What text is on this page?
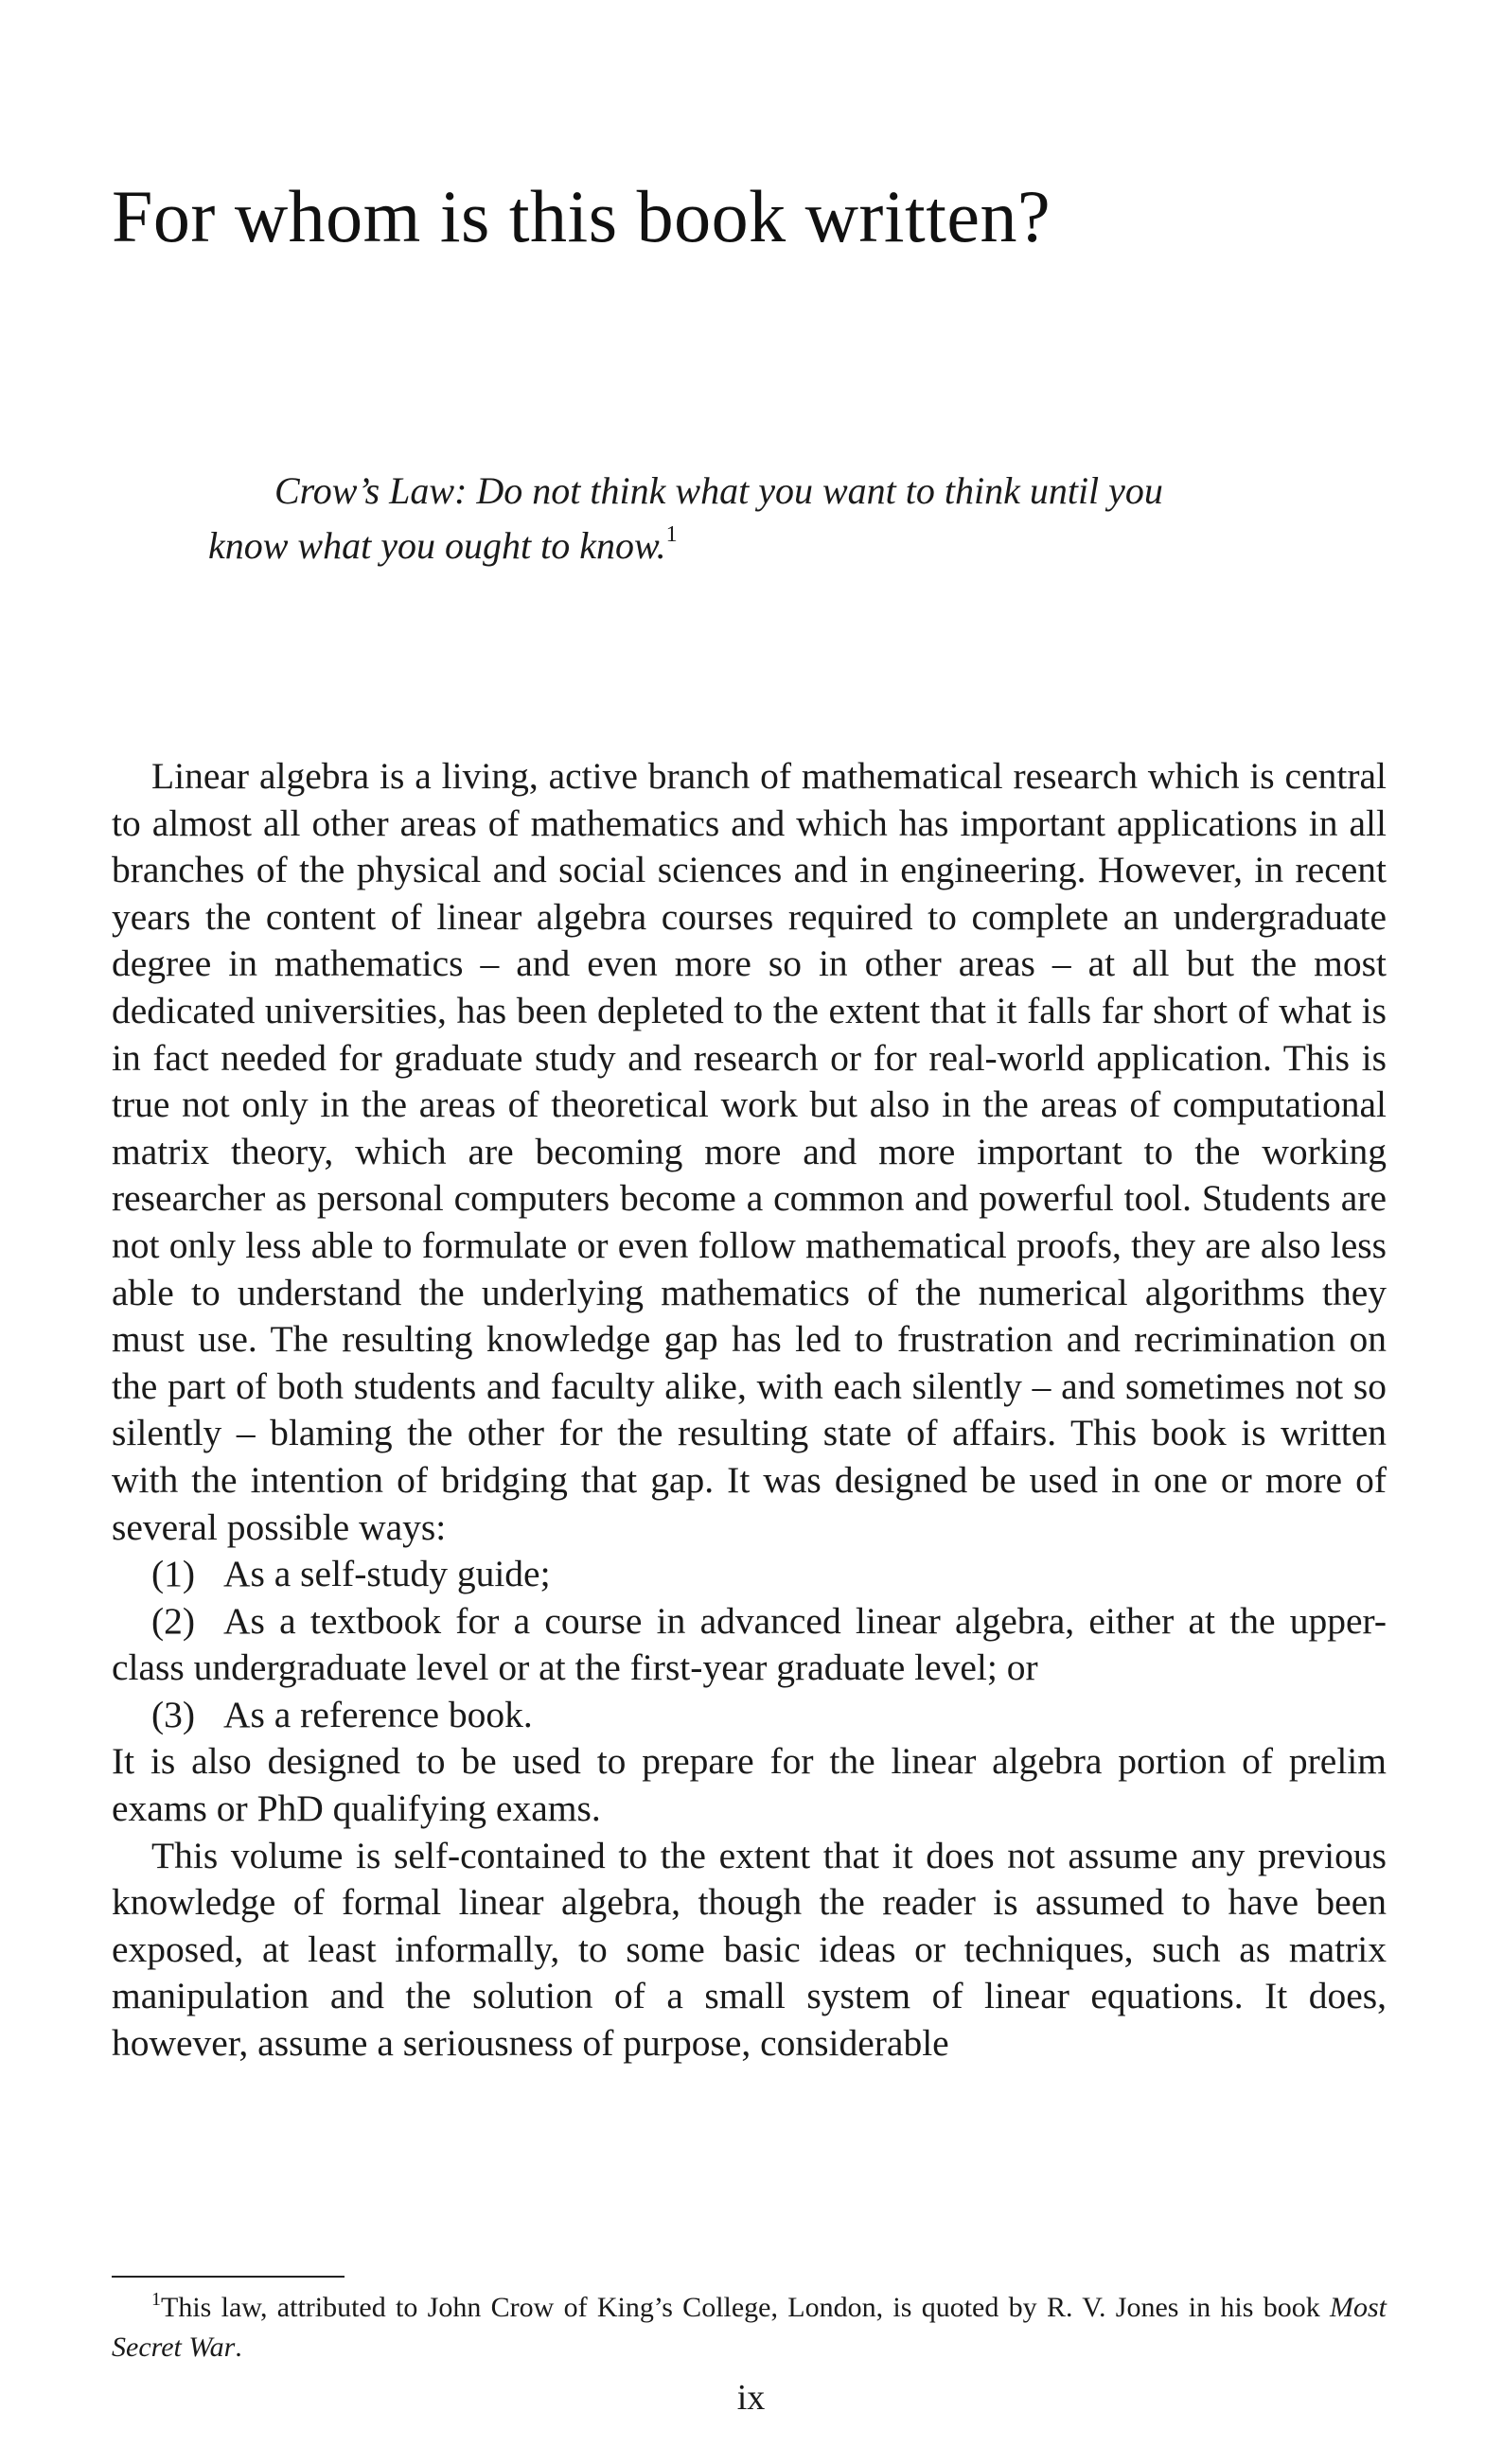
For whom is this book written?

Crow’s Law: Do not think what you want to think until you
know what you ought to know.$^1$

Linear algebra is a living, active branch of mathematical research which is central to almost all other areas of mathematics and which has important applications in all branches of the physical and social sciences and in engineering. However, in recent years the content of linear algebra courses required to complete an undergraduate degree in mathematics – and even more so in other areas – at all but the most dedicated universities, has been depleted to the extent that it falls far short of what is in fact needed for graduate study and research or for real-world application. This is true not only in the areas of theoretical work but also in the areas of computational matrix theory, which are becoming more and more important to the working researcher as personal computers become a common and powerful tool. Students are not only less able to formulate or even follow mathematical proofs, they are also less able to understand the underlying mathematics of the numerical algorithms they must use. The resulting knowledge gap has led to frustration and recrimination on the part of both students and faculty alike, with each silently – and sometimes not so silently – blaming the other for the resulting state of affairs. This book is written with the intention of bridging that gap. It was designed be used in one or more of several possible ways:

(1) As a self-study guide;

(2) As a textbook for a course in advanced linear algebra, either at the upper-class undergraduate level or at the first-year graduate level; or

(3) As a reference book.

It is also designed to be used to prepare for the linear algebra portion of prelim exams or PhD qualifying exams.

This volume is self-contained to the extent that it does not assume any previous knowledge of formal linear algebra, though the reader is assumed to have been exposed, at least informally, to some basic ideas or techniques, such as matrix manipulation and the solution of a small system of linear equations. It does, however, assume a seriousness of purpose, considerable

$^1$This law, attributed to John Crow of King’s College, London, is quoted by R. V. Jones in his book Most Secret War.

ix
